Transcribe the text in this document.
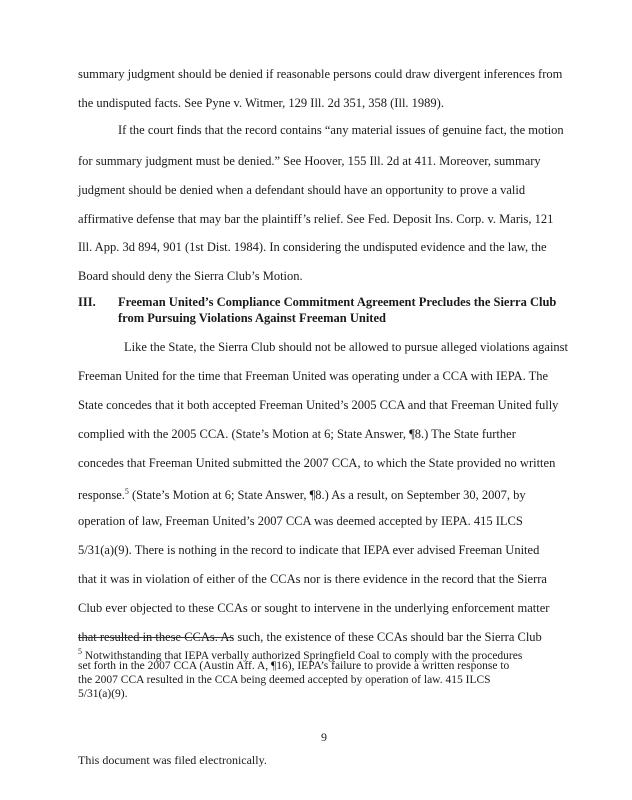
summary judgment should be denied if reasonable persons could draw divergent inferences from
the undisputed facts. See Pyne v. Witmer, 129 Ill. 2d 351, 358 (Ill. 1989).
If the court finds that the record contains “any material issues of genuine fact, the motion
for summary judgment must be denied.” See Hoover, 155 Ill. 2d at 411. Moreover, summary
judgment should be denied when a defendant should have an opportunity to prove a valid
affirmative defense that may bar the plaintiff’s relief. See Fed. Deposit Ins. Corp. v. Maris, 121
Ill. App. 3d 894, 901 (1st Dist. 1984). In considering the undisputed evidence and the law, the
Board should deny the Sierra Club’s Motion.
III. Freeman United’s Compliance Commitment Agreement Precludes the Sierra Club
from Pursuing Violations Against Freeman United
Like the State, the Sierra Club should not be allowed to pursue alleged violations against
Freeman United for the time that Freeman United was operating under a CCA with IEPA. The
State concedes that it both accepted Freeman United’s 2005 CCA and that Freeman United fully
complied with the 2005 CCA. (State’s Motion at 6; State Answer, ¶8.) The State further
concedes that Freeman United submitted the 2007 CCA, to which the State provided no written
response.$^5$ (State’s Motion at 6; State Answer, ¶8.) As a result, on September 30, 2007, by
operation of law, Freeman United’s 2007 CCA was deemed accepted by IEPA. 415 ILCS
5/31(a)(9). There is nothing in the record to indicate that IEPA ever advised Freeman United
that it was in violation of either of the CCAs nor is there evidence in the record that the Sierra
Club ever objected to these CCAs or sought to intervene in the underlying enforcement matter
that resulted in these CCAs. As such, the existence of these CCAs should bar the Sierra Club
$^5$ Notwithstanding that IEPA verbally authorized Springfield Coal to comply with the procedures
set forth in the 2007 CCA (Austin Aff. A, ¶16), IEPA’s failure to provide a written response to
the 2007 CCA resulted in the CCA being deemed accepted by operation of law. 415 ILCS
5/31(a)(9).
9
This document was filed electronically.
